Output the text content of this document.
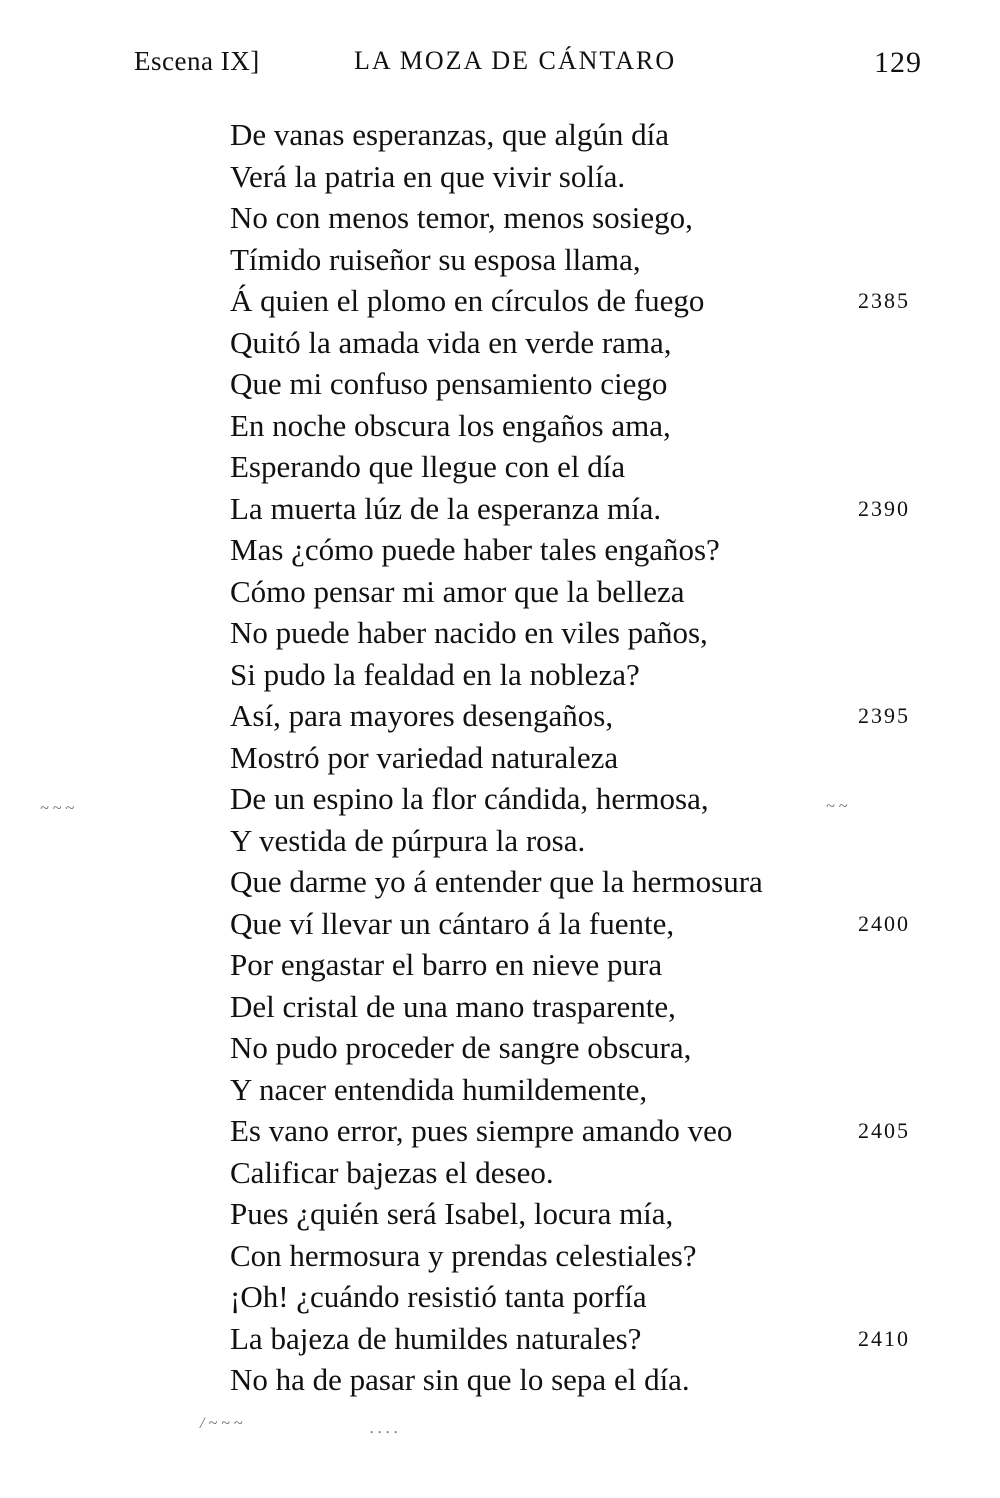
Escena IX]	LA MOZA DE CÁNTARO	129
De vanas esperanzas, que algún día
Verá la patria en que vivir solía.
No con menos temor, menos sosiego,
Tímido ruiseñor su esposa llama,
Á quien el plomo en círculos de fuego	2385
Quitó la amada vida en verde rama,
Que mi confuso pensamiento ciego
En noche obscura los engaños ama,
Esperando que llegue con el día
La muerta lúz de la esperanza mía.	2390
Mas ¿cómo puede haber tales engaños?
Cómo pensar mi amor que la belleza
No puede haber nacido en viles paños,
Si pudo la fealdad en la nobleza?
Así, para mayores desengaños,	2395
Mostró por variedad naturaleza
De un espino la flor cándida, hermosa,
Y vestida de púrpura la rosa.
Que darme yo á entender que la hermosura
Que ví llevar un cántaro á la fuente,	2400
Por engastar el barro en nieve pura
Del cristal de una mano trasparente,
No pudo proceder de sangre obscura,
Y nacer entendida humildemente,
Es vano error, pues siempre amando veo	2405
Calificar bajezas el deseo.
Pues ¿quién será Isabel, locura mía,
Con hermosura y prendas celestiales?
¡Oh! ¿cuándo resistió tanta porfía
La bajeza de humildes naturales?	2410
No ha de pasar sin que lo sepa el día.
~ ~ ~	~ ~
/ ~ ~ ~	. . . .
